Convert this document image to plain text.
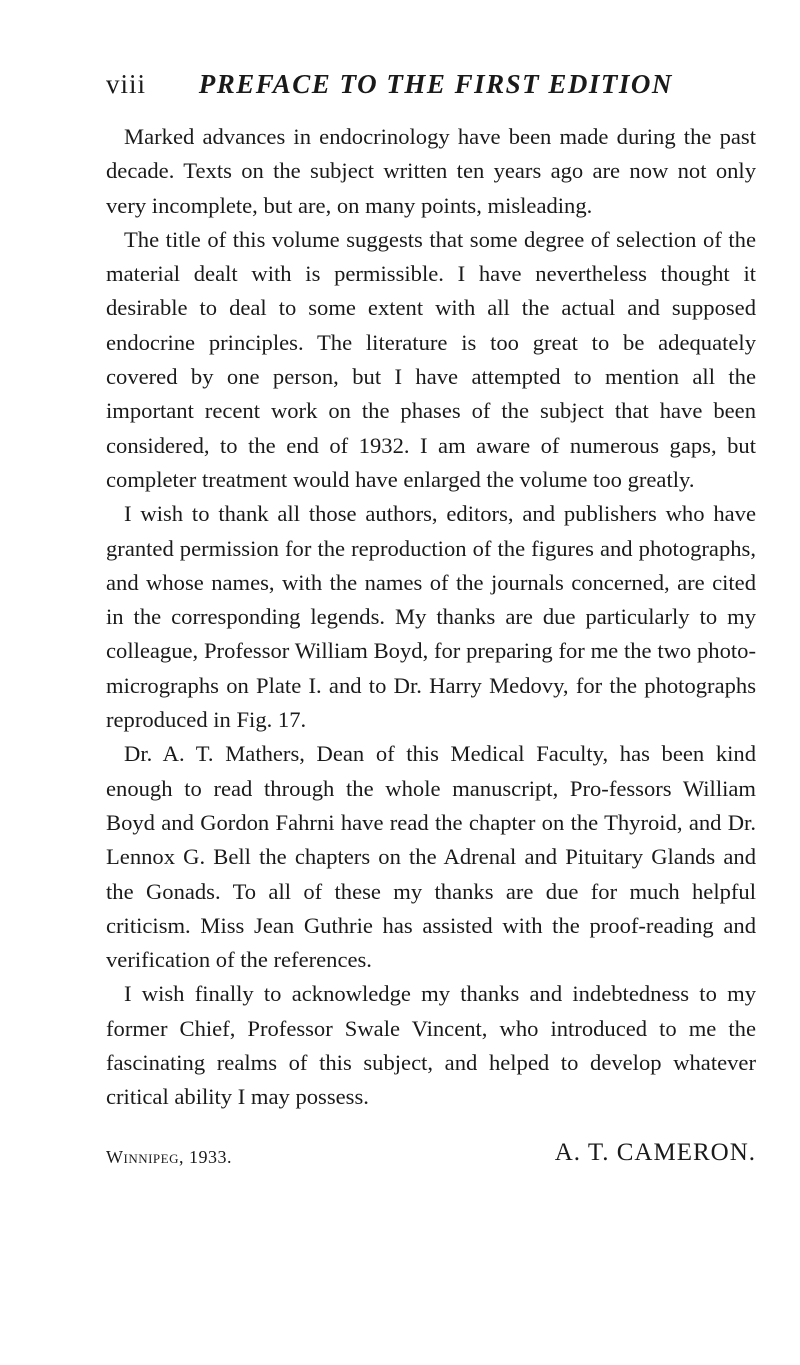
viii PREFACE TO THE FIRST EDITION

Marked advances in endocrinology have been made during the past decade. Texts on the subject written ten years ago are now not only very incomplete, but are, on many points, misleading.

The title of this volume suggests that some degree of selection of the material dealt with is permissible. I have nevertheless thought it desirable to deal to some extent with all the actual and supposed endocrine principles. The literature is too great to be adequately covered by one person, but I have attempted to mention all the important recent work on the phases of the subject that have been considered, to the end of 1932. I am aware of numerous gaps, but completer treatment would have enlarged the volume too greatly.

I wish to thank all those authors, editors, and publishers who have granted permission for the reproduction of the figures and photographs, and whose names, with the names of the journals concerned, are cited in the corresponding legends. My thanks are due particularly to my colleague, Professor William Boyd, for preparing for me the two photo-micrographs on Plate I. and to Dr. Harry Medovy, for the photographs reproduced in Fig. 17.

Dr. A. T. Mathers, Dean of this Medical Faculty, has been kind enough to read through the whole manuscript, Pro-fessors William Boyd and Gordon Fahrni have read the chapter on the Thyroid, and Dr. Lennox G. Bell the chapters on the Adrenal and Pituitary Glands and the Gonads. To all of these my thanks are due for much helpful criticism. Miss Jean Guthrie has assisted with the proof-reading and verification of the references.

I wish finally to acknowledge my thanks and indebtedness to my former Chief, Professor Swale Vincent, who introduced to me the fascinating realms of this subject, and helped to develop whatever critical ability I may possess.

Winnipeg, 1933.	A. T. CAMERON.
